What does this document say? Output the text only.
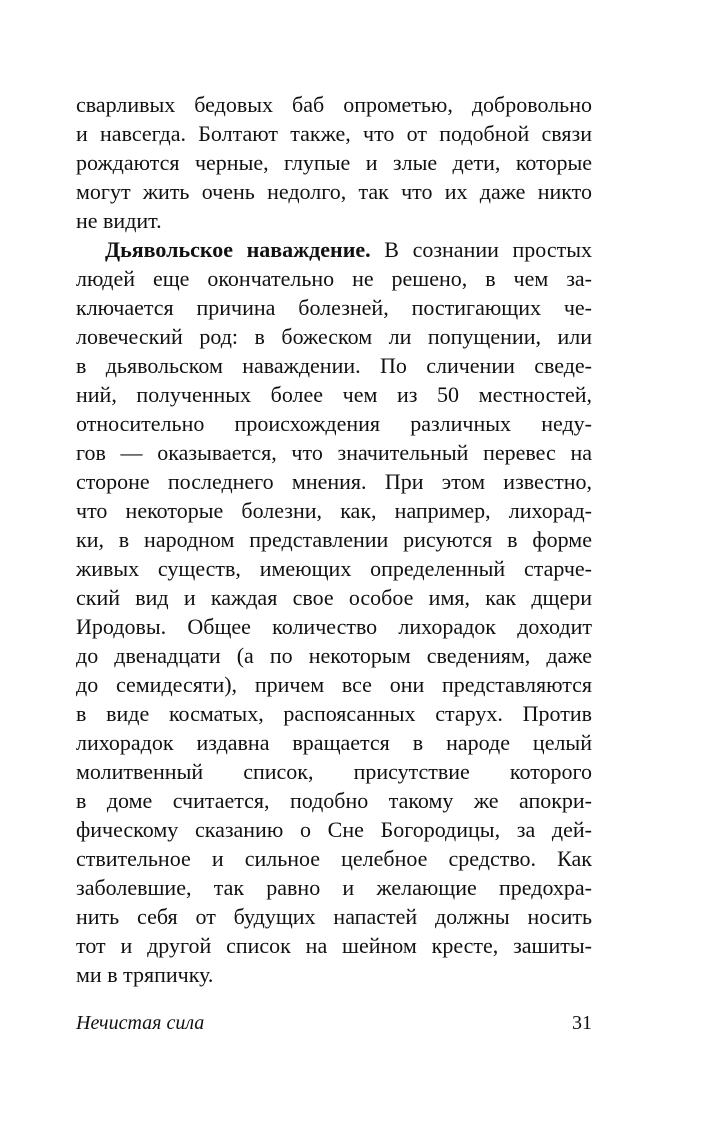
сварливых бедовых баб опрометью, добровольно
и навсегда. Болтают также, что от подобной связи
рождаются черные, глупые и злые дети, которые
могут жить очень недолго, так что их даже никто
не видит.
Дьявольское наваждение. В сознании простых
людей еще окончательно не решено, в чем за-
ключается причина болезней, постигающих че-
ловеческий род: в божеском ли попущении, или
в дьявольском наваждении. По сличении сведе-
ний, полученных более чем из 50 местностей,
относительно происхождения различных неду-
гов — оказывается, что значительный перевес на
стороне последнего мнения. При этом известно,
что некоторые болезни, как, например, лихорад-
ки, в народном представлении рисуются в форме
живых существ, имеющих определенный старче-
ский вид и каждая свое особое имя, как дщери
Иродовы. Общее количество лихорадок доходит
до двенадцати (а по некоторым сведениям, даже
до семидесяти), причем все они представляются
в виде косматых, распоясанных старух. Против
лихорадок издавна вращается в народе целый
молитвенный список, присутствие которого
в доме считается, подобно такому же апокри-
фическому сказанию о Сне Богородицы, за дей-
ствительное и сильное целебное средство. Как
заболевшие, так равно и желающие предохра-
нить себя от будущих напастей должны носить
тот и другой список на шейном кресте, зашиты-
ми в тряпичку.
Нечистая сила	31
